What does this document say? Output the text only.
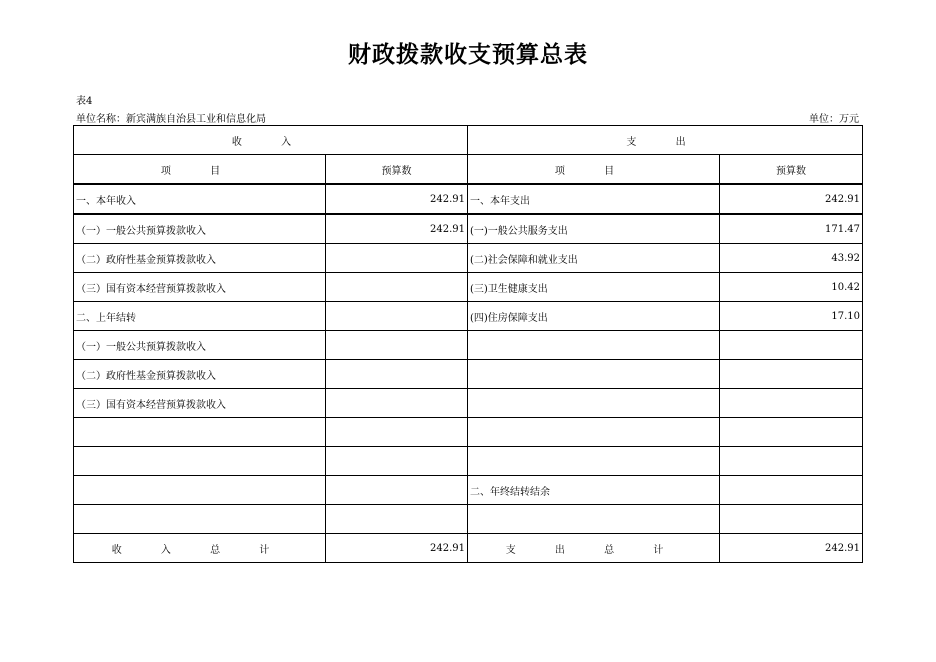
财政拨款收支预算总表
表4
单位名称：新宾满族自治县工业和信息化局	单位：万元
收 入		支 出	
项 目	预算数	项 目	预算数
一、本年收入	242.91	一、本年支出	242.91
（一）一般公共预算拨款收入	242.91	(一)一般公共服务支出	171.47
（二）政府性基金预算拨款收入		(二)社会保障和就业支出	43.92
（三）国有资本经营预算拨款收入		(三)卫生健康支出	10.42
二、上年结转		(四)住房保障支出	17.10
（一）一般公共预算拨款收入			
（二）政府性基金预算拨款收入			
（三）国有资本经营预算拨款收入			

		二、年终结转结余	

收 入 总 计	242.91	支 出 总 计	242.91
